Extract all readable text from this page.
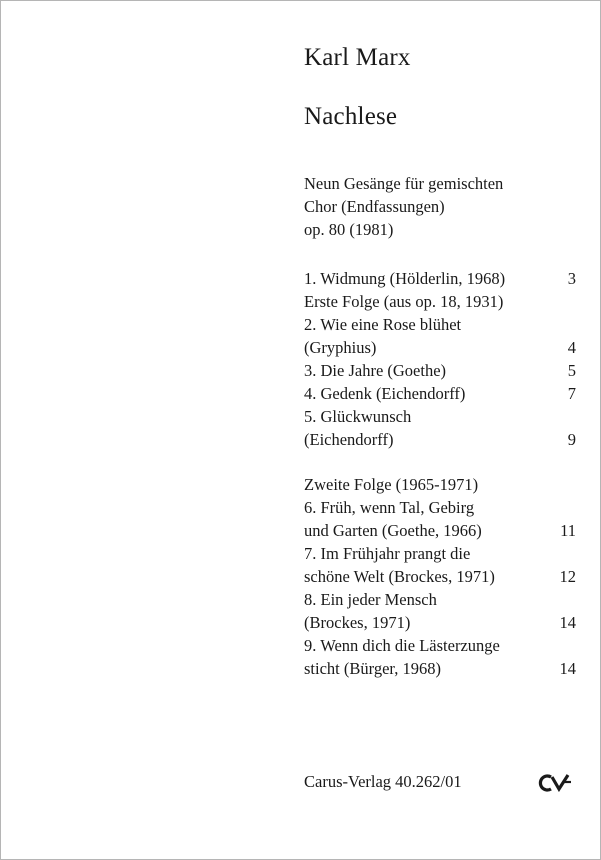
Karl Marx
Nachlese
Neun Gesänge für gemischten
Chor (Endfassungen)
op. 80 (1981)
1. Widmung (Hölderlin, 1968)	3
Erste Folge (aus op. 18, 1931)
2. Wie eine Rose blühet
(Gryphius)	4
3. Die Jahre (Goethe)	5
4. Gedenk (Eichendorff)	7
5. Glückwunsch
(Eichendorff)	9
Zweite Folge (1965-1971)
6. Früh, wenn Tal, Gebirg
und Garten (Goethe, 1966)	11
7. Im Frühjahr prangt die
schöne Welt (Brockes, 1971)	12
8. Ein jeder Mensch
(Brockes, 1971)	14
9. Wenn dich die Lästerzunge
sticht (Bürger, 1968)	14
Carus-Verlag 40.262/01
